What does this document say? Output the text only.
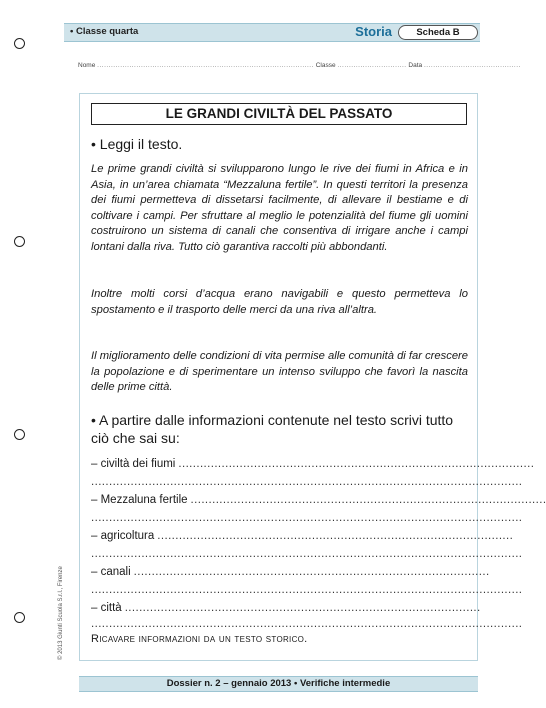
• Classe quarta	Storia	Scheda B
Nome .............................................................................................. Classe .............................. Data ..........................................
LE GRANDI CIVILTÀ DEL PASSATO
• Leggi il testo.

Le prime grandi civiltà si svilupparono lungo le rive dei fiumi in Africa e in Asia, in un’area chiamata “Mezzaluna fertile”. In questi territori la presenza dei fiumi permetteva di dissetarsi facilmente, di allevare il bestiame e di coltivare i campi. Per sfruttare al meglio le potenzialità del fiume gli uomini costruirono un sistema di canali che consentiva di irrigare anche i campi lontani dalla riva. Tutto ciò garantiva raccolti più abbondanti.

Inoltre molti corsi d’acqua erano navigabili e questo permetteva lo spostamento e il trasporto delle merci da una riva all’altra.

Il miglioramento delle condizioni di vita permise alle comunità di far crescere la popolazione e di sperimentare un intenso sviluppo che favorì la nascita delle prime città.

• A partire dalle informazioni contenute nel testo scrivi tutto ciò che sai su:

– civiltà dei fiumi ...................................................................................................
........................................................................................................................
– Mezzaluna fertile ...................................................................................................
........................................................................................................................
– agricoltura ...................................................................................................
........................................................................................................................
– canali ...................................................................................................
........................................................................................................................
– città ...................................................................................................
........................................................................................................................
Ricavare informazioni da un testo storico.
Dossier n. 2 – gennaio 2013 • Verifiche intermedie
© 2013 Giunti Scuola S.r.l., Firenze
